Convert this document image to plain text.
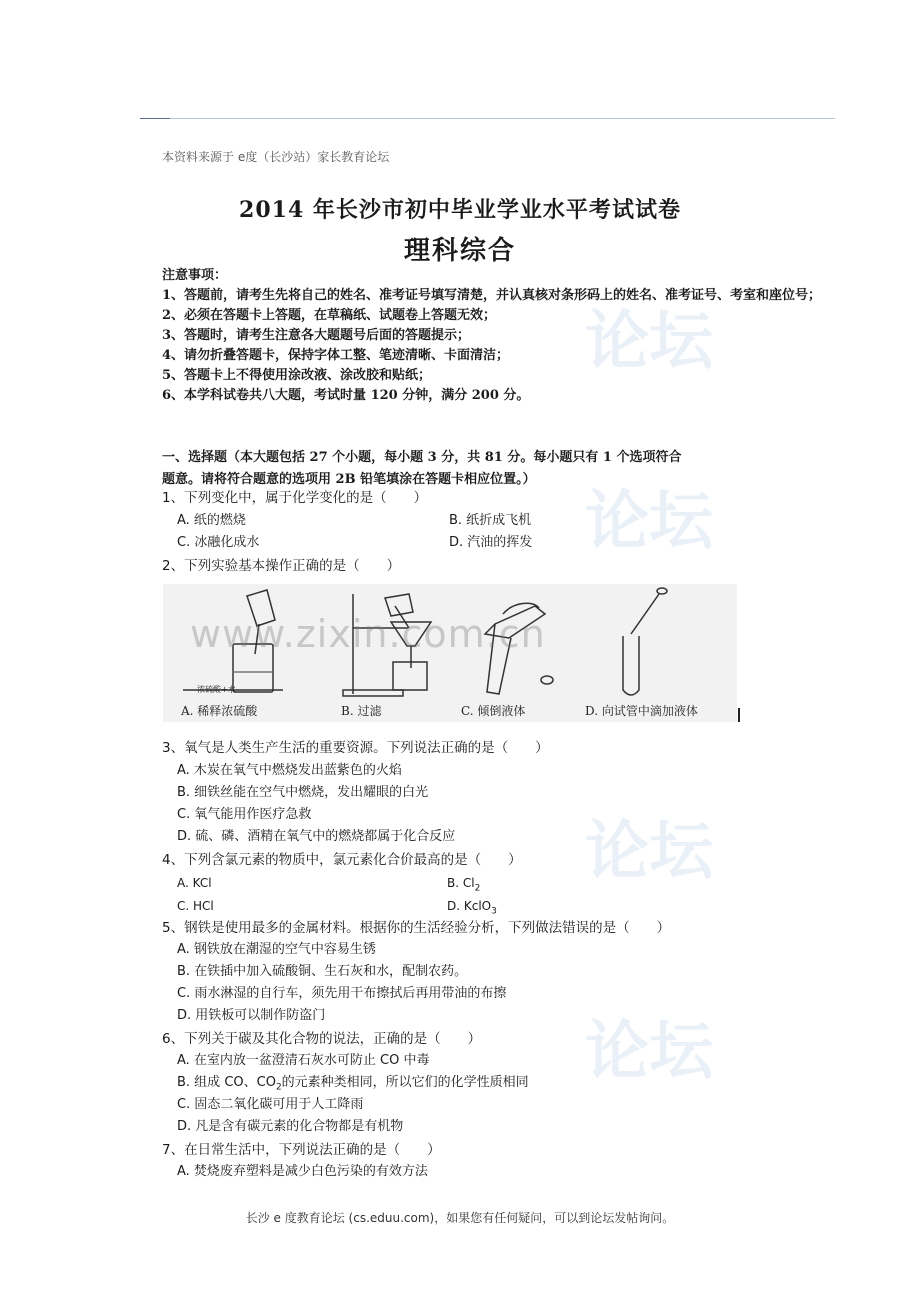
本资料来源于 e度（长沙站）家长教育论坛
论坛
论坛
论坛
论坛
2014 年长沙市初中毕业学业水平考试试卷
理科综合
注意事项：
1、答题前，请考生先将自己的姓名、准考证号填写清楚，并认真核对条形码上的姓名、准考证号、考室和座位号；
2、必须在答题卡上答题，在草稿纸、试题卷上答题无效；
3、答题时，请考生注意各大题题号后面的答题提示；
4、请勿折叠答题卡，保持字体工整、笔迹清晰、卡面清洁；
5、答题卡上不得使用涂改液、涂改胶和贴纸；
6、本学科试卷共八大题，考试时量 120 分钟，满分 200 分。
一、选择题（本大题包括 27 个小题，每小题 3 分，共 81 分。每小题只有 1 个选项符合
题意。请将符合题意的选项用 2B 铅笔填涂在答题卡相应位置。）
1、下列变化中，属于化学变化的是（　　）
A. 纸的燃烧	B. 纸折成飞机
C. 冰融化成水	D. 汽油的挥发
2、下列实验基本操作正确的是（　　）
A. 稀释浓硫酸	B. 过滤	C. 倾倒液体	D. 向试管中滴加液体
浓硫酸+水
www.zixin.com.cn
3、氧气是人类生产生活的重要资源。下列说法正确的是（　　）
A. 木炭在氧气中燃烧发出蓝紫色的火焰
B. 细铁丝能在空气中燃烧，发出耀眼的白光
C. 氧气能用作医疗急救
D. 硫、磷、酒精在氧气中的燃烧都属于化合反应
4、下列含氯元素的物质中，氯元素化合价最高的是（　　）
A. KCl	B. $Cl_2$
C. HCl	D. KclO$_3$
5、钢铁是使用最多的金属材料。根据你的生活经验分析，下列做法错误的是（　　）
A. 钢铁放在潮湿的空气中容易生锈
B. 在铁插中加入硫酸铜、生石灰和水，配制农药。
C. 雨水淋湿的自行车，须先用干布擦拭后再用带油的布擦
D. 用铁板可以制作防盗门
6、下列关于碳及其化合物的说法，正确的是（　　）
A. 在室内放一盆澄清石灰水可防止 CO 中毒
B. 组成 CO、$CO_2$的元素种类相同，所以它们的化学性质相同
C. 固态二氧化碳可用于人工降雨
D. 凡是含有碳元素的化合物都是有机物
7、在日常生活中，下列说法正确的是（　　）
A. 焚烧废弃塑料是减少白色污染的有效方法
长沙 e 度教育论坛 (cs.eduu.com)，如果您有任何疑问，可以到论坛发帖询问。
